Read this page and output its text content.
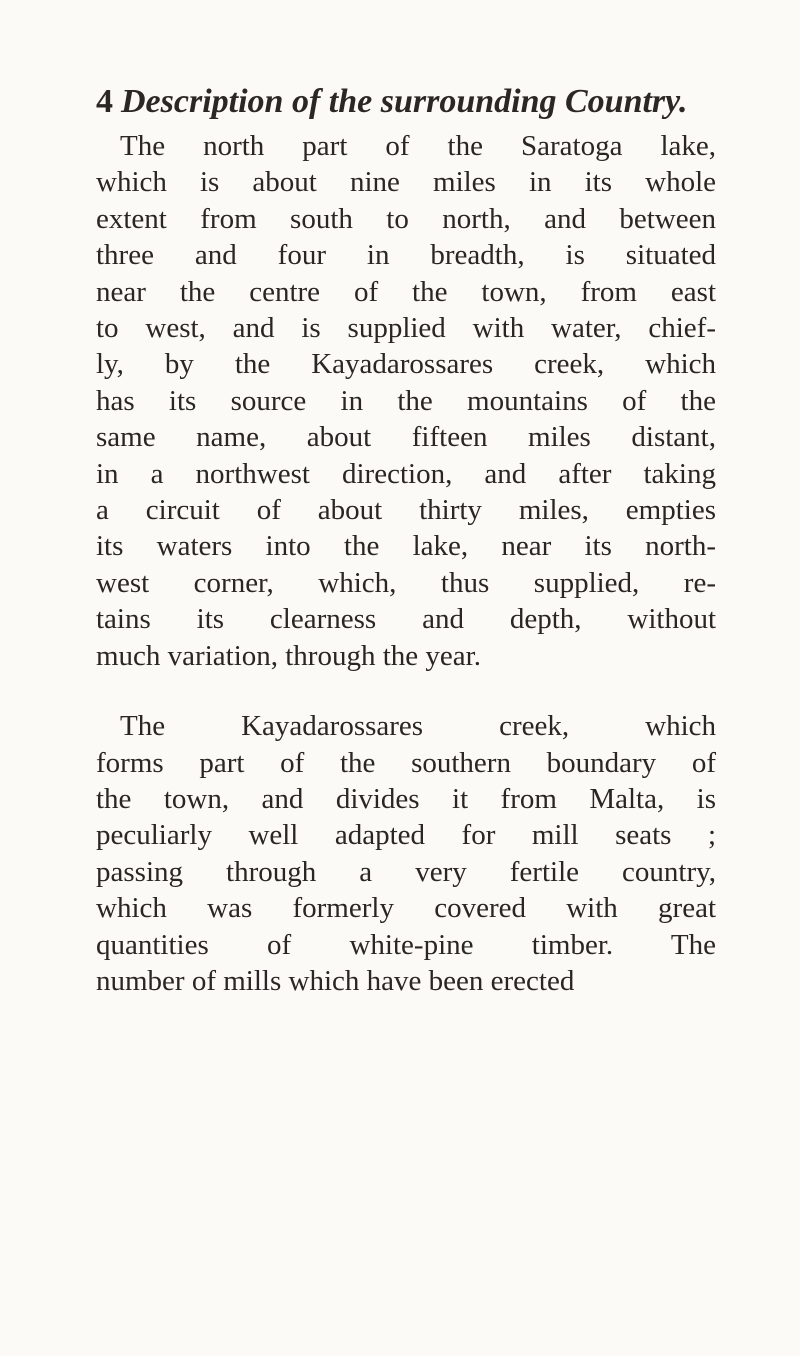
4 Description of the surrounding Country.
The north part of the Saratoga lake,
which is about nine miles in its whole
extent from south to north, and between
three and four in breadth, is situated
near the centre of the town, from east
to west, and is supplied with water, chief-
ly, by the Kayadarossares creek, which
has its source in the mountains of the
same name, about fifteen miles distant,
in a northwest direction, and after taking
a circuit of about thirty miles, empties
its waters into the lake, near its north-
west corner, which, thus supplied, re-
tains its clearness and depth, without
much variation, through the year.
The Kayadarossares creek, which
forms part of the southern boundary of
the town, and divides it from Malta, is
peculiarly well adapted for mill seats ;
passing through a very fertile country,
which was formerly covered with great
quantities of white-pine timber. The
number of mills which have been erected
